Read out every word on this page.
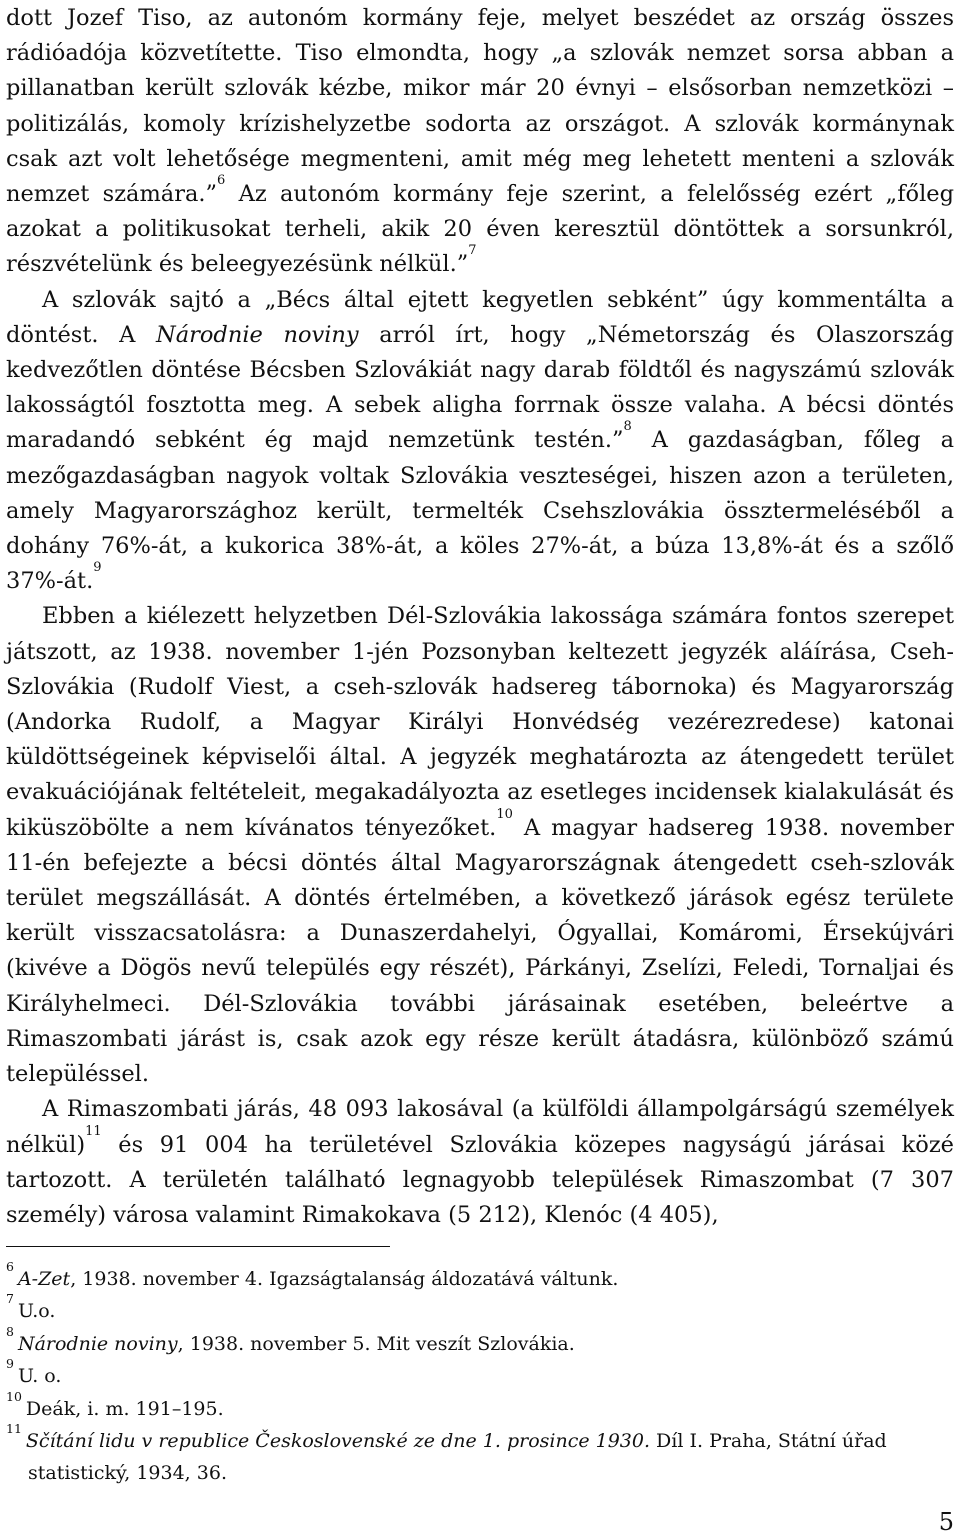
dott Jozef Tiso, az autonóm kormány feje, melyet beszédet az ország összes rádióadója közvetítette. Tiso elmondta, hogy „a szlovák nemzet sorsa abban a pillanatban került szlovák kézbe, mikor már 20 évnyi – elsősorban nemzetközi – politizálás, komoly krízishelyzetbe sodorta az országot. A szlovák kormánynak csak azt volt lehetősége megmenteni, amit még meg lehetett menteni a szlovák nemzet számára.”$^6$ Az autonóm kormány feje szerint, a felelősség ezért „főleg azokat a politikusokat terheli, akik 20 éven keresztül döntöttek a sorsunkról, részvételünk és beleegyezésünk nélkül.”$^7$

A szlovák sajtó a „Bécs által ejtett kegyetlen sebként” úgy kommentálta a döntést. A Národnie noviny arról írt, hogy „Németország és Olaszország kedvezőtlen döntése Bécsben Szlovákiát nagy darab földtől és nagyszámú szlovák lakosságtól fosztotta meg. A sebek aligha forrnak össze valaha. A bécsi döntés maradandó sebként ég majd nemzetünk testén.”$^8$ A gazdaságban, főleg a mezőgazdaságban nagyok voltak Szlovákia veszteségei, hiszen azon a területen, amely Magyarországhoz került, termelték Csehszlovákia össztermeléséből a dohány 76%-át, a kukorica 38%-át, a köles 27%-át, a búza 13,8%-át és a szőlő 37%-át.$^9$

Ebben a kiélezett helyzetben Dél-Szlovákia lakossága számára fontos szerepet játszott, az 1938. november 1-jén Pozsonyban keltezett jegyzék aláírása, Cseh-Szlovákia (Rudolf Viest, a cseh-szlovák hadsereg tábornoka) és Magyarország (Andorka Rudolf, a Magyar Királyi Honvédség vezérezredese) katonai küldöttségeinek képviselői által. A jegyzék meghatározta az átengedett terület evakuációjának feltételeit, megakadályozta az esetleges incidensek kialakulását és kiküszöbölte a nem kívánatos tényezőket.$^{10}$ A magyar hadsereg 1938. november 11-én befejezte a bécsi döntés által Magyarországnak átengedett cseh-szlovák terület megszállását. A döntés értelmében, a következő járások egész területe került visszacsatolásra: a Dunaszerdahelyi, Ógyallai, Komáromi, Érsekújvári (kivéve a Dögös nevű település egy részét), Párkányi, Zselízi, Feledi, Tornaljai és Királyhelmeci. Dél-Szlovákia további járásainak esetében, beleértve a Rimaszombati járást is, csak azok egy része került átadásra, különböző számú településsel.

A Rimaszombati járás, 48 093 lakosával (a külföldi állampolgárságú személyek nélkül)$^{11}$ és 91 004 ha területével Szlovákia közepes nagyságú járásai közé tartozott. A területén található legnagyobb települések Rimaszombat (7 307 személy) városa valamint Rimakokava (5 212), Klenóc (4 405),

$^6$A-Zet, 1938. november 4. Igazságtalanság áldozatává váltunk.
$^7$U.o.
$^8$Národnie noviny, 1938. november 5. Mit veszít Szlovákia.
$^9$U. o.
$^{10}$Deák, i. m. 191–195.
$^{11}$Sčítání lidu v republice Československé ze dne 1. prosince 1930. Díl I. Praha, Státní úřad statistický, 1934, 36.
5
